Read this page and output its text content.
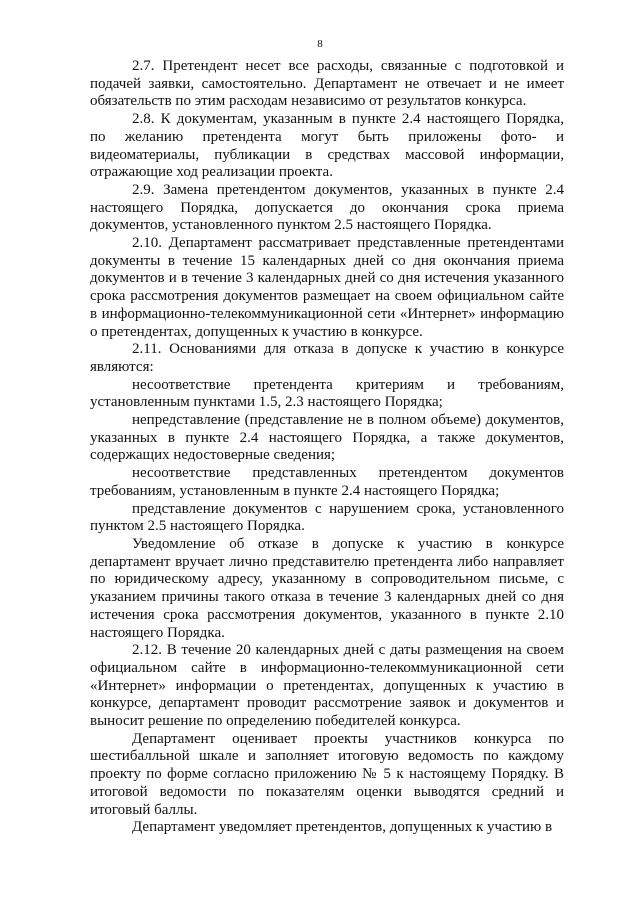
8

2.7. Претендент несет все расходы, связанные с подготовкой и подачей заявки, самостоятельно. Департамент не отвечает и не имеет обязательств по этим расходам независимо от результатов конкурса.

2.8. К документам, указанным в пункте 2.4 настоящего Порядка, по желанию претендента могут быть приложены фото- и видеоматериалы, публикации в средствах массовой информации, отражающие ход реализации проекта.

2.9. Замена претендентом документов, указанных в пункте 2.4 настоящего Порядка, допускается до окончания срока приема документов, установленного пунктом 2.5 настоящего Порядка.

2.10. Департамент рассматривает представленные претендентами документы в течение 15 календарных дней со дня окончания приема документов и в течение 3 календарных дней со дня истечения указанного срока рассмотрения документов размещает на своем официальном сайте в информационно-телекоммуникационной сети «Интернет» информацию о претендентах, допущенных к участию в конкурсе.

2.11. Основаниями для отказа в допуске к участию в конкурсе являются:

несоответствие претендента критериям и требованиям, установленным пунктами 1.5, 2.3 настоящего Порядка;

непредставление (представление не в полном объеме) документов, указанных в пункте 2.4 настоящего Порядка, а также документов, содержащих недостоверные сведения;

несоответствие представленных претендентом документов требованиям, установленным в пункте 2.4 настоящего Порядка;

представление документов с нарушением срока, установленного пунктом 2.5 настоящего Порядка.

Уведомление об отказе в допуске к участию в конкурсе департамент вручает лично представителю претендента либо направляет по юридическому адресу, указанному в сопроводительном письме, с указанием причины такого отказа в течение 3 календарных дней со дня истечения срока рассмотрения документов, указанного в пункте 2.10 настоящего Порядка.

2.12. В течение 20 календарных дней с даты размещения на своем официальном сайте в информационно-телекоммуникационной сети «Интернет» информации о претендентах, допущенных к участию в конкурсе, департамент проводит рассмотрение заявок и документов и выносит решение по определению победителей конкурса.

Департамент оценивает проекты участников конкурса по шестибалльной шкале и заполняет итоговую ведомость по каждому проекту по форме согласно приложению № 5 к настоящему Порядку. В итоговой ведомости по показателям оценки выводятся средний и итоговый баллы.

Департамент уведомляет претендентов, допущенных к участию в
